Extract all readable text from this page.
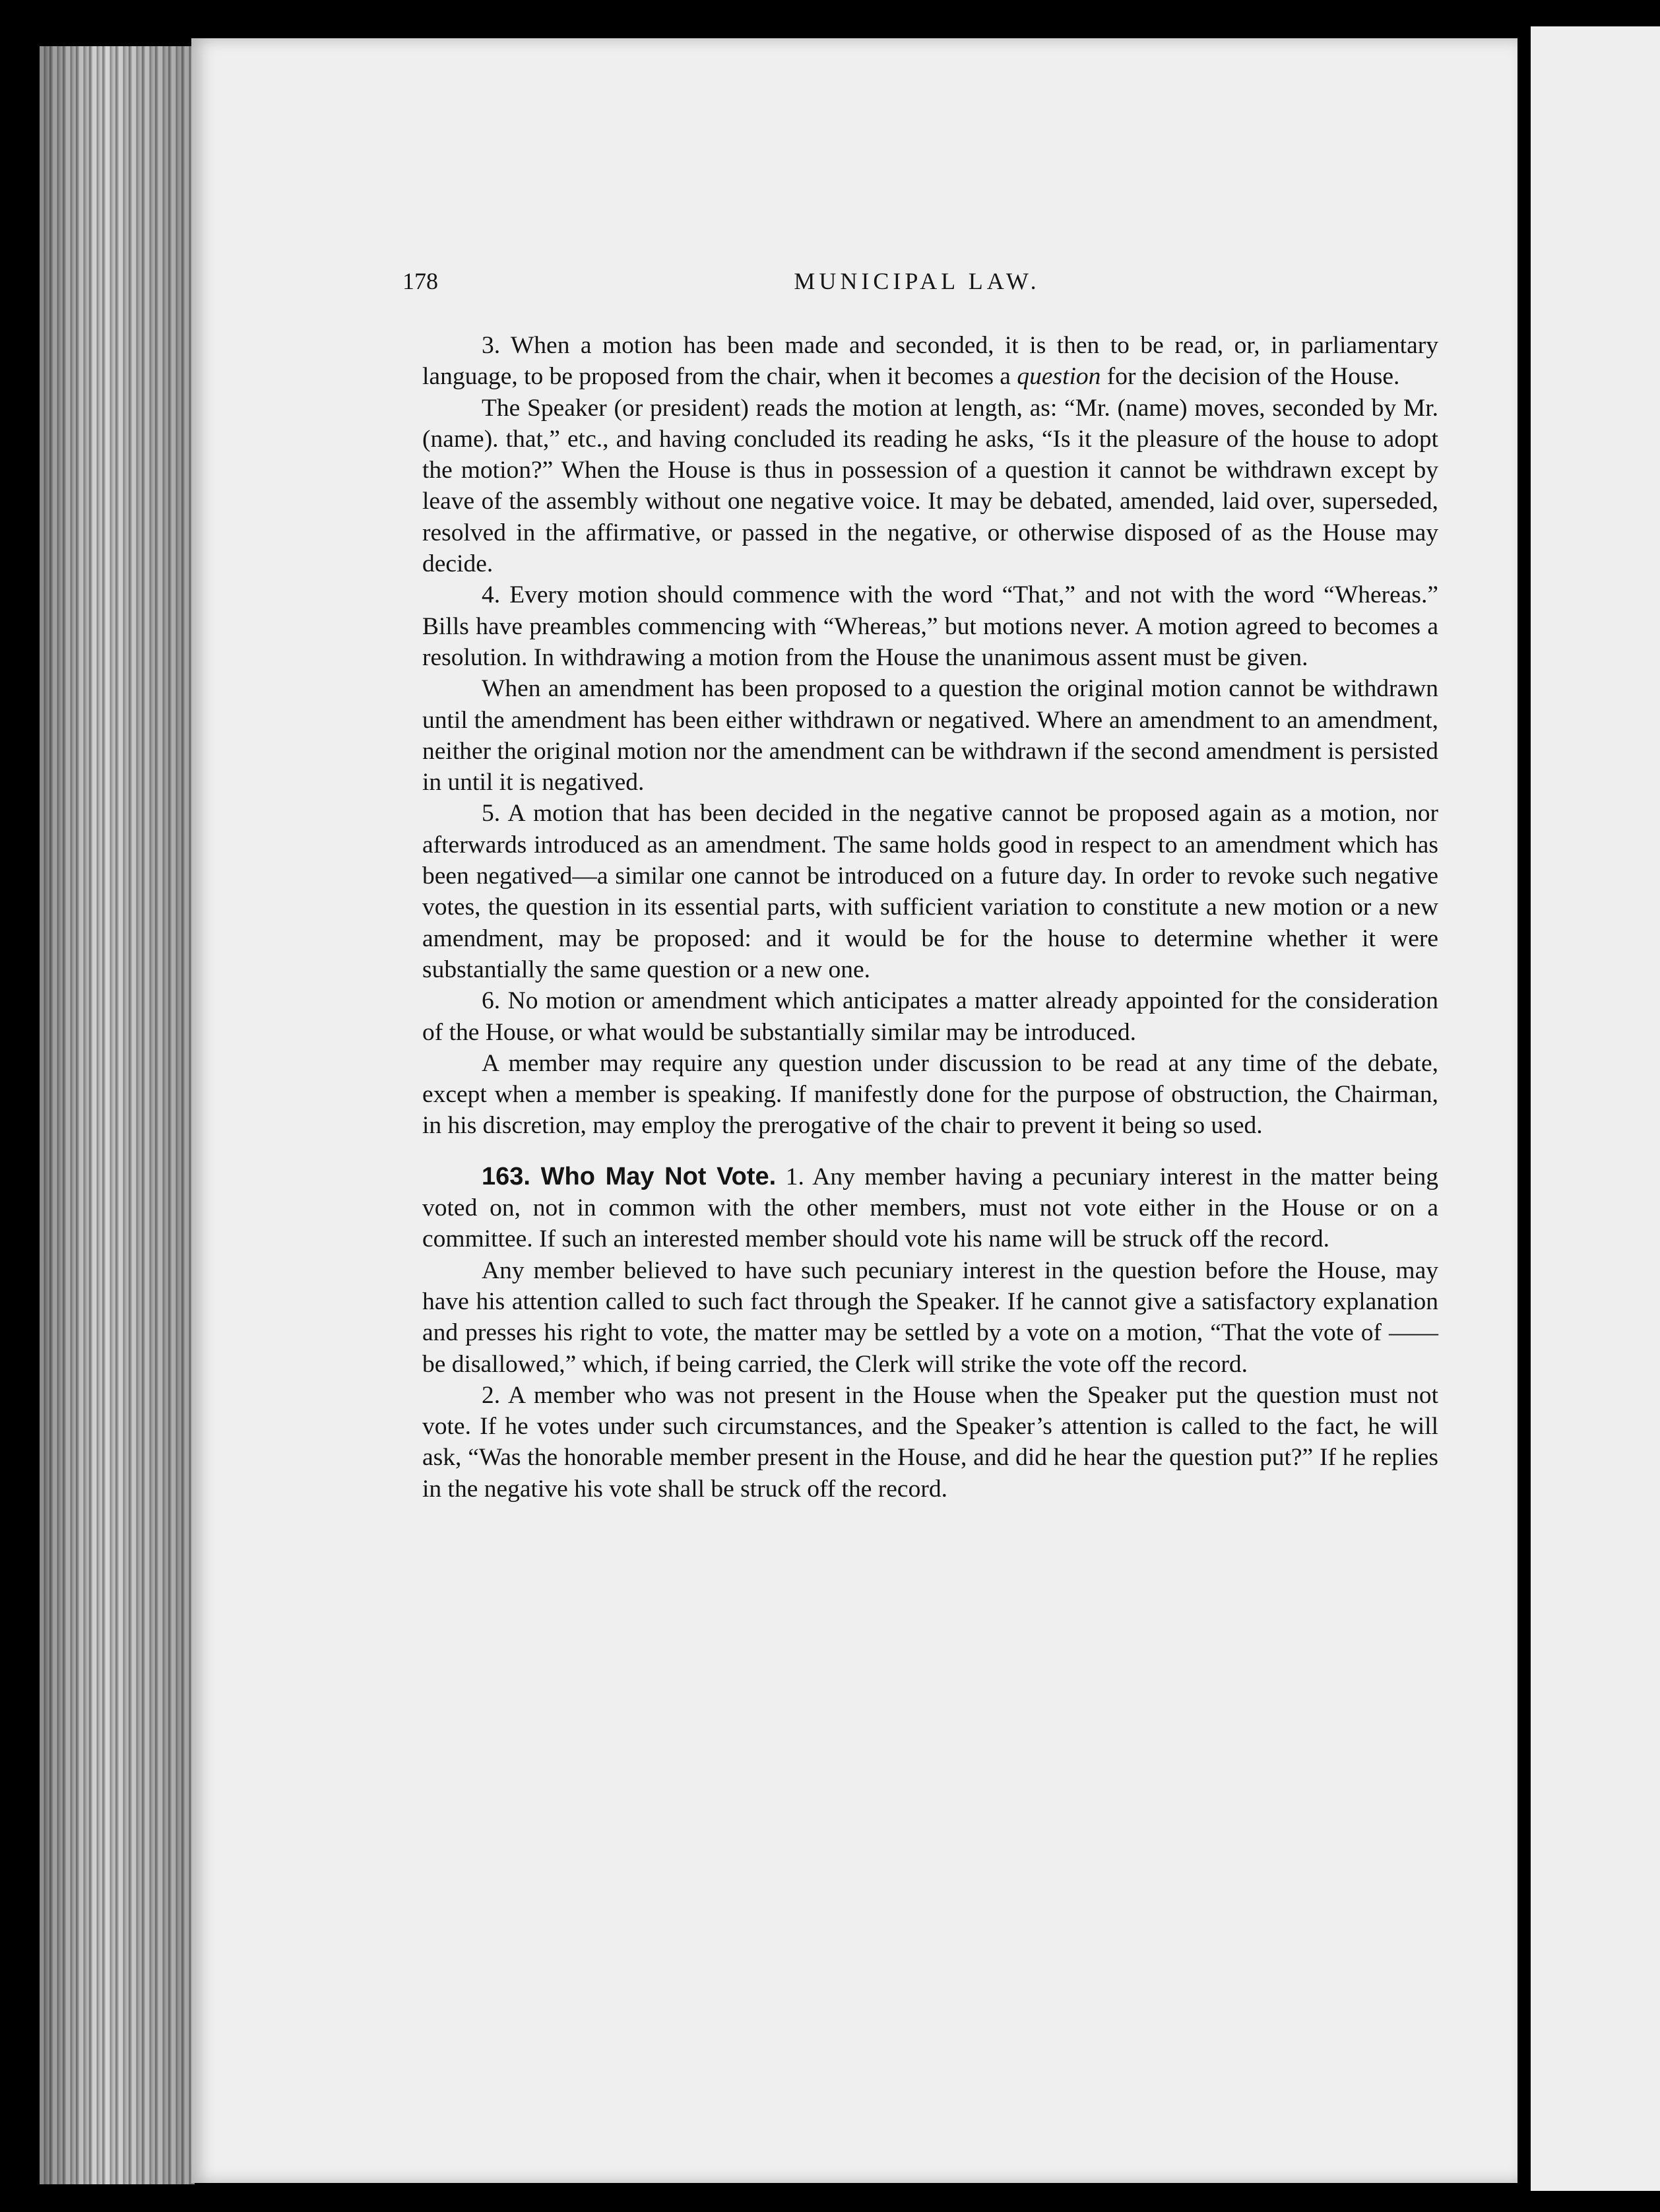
178	MUNICIPAL LAW.

3. When a motion has been made and seconded, it is then to be read, or, in parliamentary language, to be proposed from the chair, when it becomes a question for the decision of the House.

The Speaker (or president) reads the motion at length, as: “Mr. (name) moves, seconded by Mr. (name). that,” etc., and having concluded its reading he asks, “Is it the pleasure of the house to adopt the motion?” When the House is thus in possession of a question it cannot be withdrawn except by leave of the assembly without one negative voice. It may be debated, amended, laid over, superseded, resolved in the affirmative, or passed in the negative, or otherwise disposed of as the House may decide.

4. Every motion should commence with the word “That,” and not with the word “Whereas.” Bills have preambles commencing with “Whereas,” but motions never. A motion agreed to becomes a resolution. In withdrawing a motion from the House the unanimous assent must be given.

When an amendment has been proposed to a question the original motion cannot be withdrawn until the amendment has been either withdrawn or negatived. Where an amendment to an amendment, neither the original motion nor the amendment can be withdrawn if the second amendment is persisted in until it is negatived.

5. A motion that has been decided in the negative cannot be proposed again as a motion, nor afterwards introduced as an amendment. The same holds good in respect to an amendment which has been negatived—a similar one cannot be introduced on a future day. In order to revoke such negative votes, the question in its essential parts, with sufficient variation to constitute a new motion or a new amendment, may be proposed: and it would be for the house to determine whether it were substantially the same question or a new one.

6. No motion or amendment which anticipates a matter already appointed for the consideration of the House, or what would be substantially similar may be introduced.

A member may require any question under discussion to be read at any time of the debate, except when a member is speaking. If manifestly done for the purpose of obstruction, the Chairman, in his discretion, may employ the prerogative of the chair to prevent it being so used.

163. Who May Not Vote. 1. Any member having a pecuniary interest in the matter being voted on, not in common with the other members, must not vote either in the House or on a committee. If such an interested member should vote his name will be struck off the record.

Any member believed to have such pecuniary interest in the question before the House, may have his attention called to such fact through the Speaker. If he cannot give a satisfactory explanation and presses his right to vote, the matter may be settled by a vote on a motion, “That the vote of —— be disallowed,” which, if being carried, the Clerk will strike the vote off the record.

2. A member who was not present in the House when the Speaker put the question must not vote. If he votes under such circumstances, and the Speaker’s attention is called to the fact, he will ask, “Was the honorable member present in the House, and did he hear the question put?” If he replies in the negative his vote shall be struck off the record.
